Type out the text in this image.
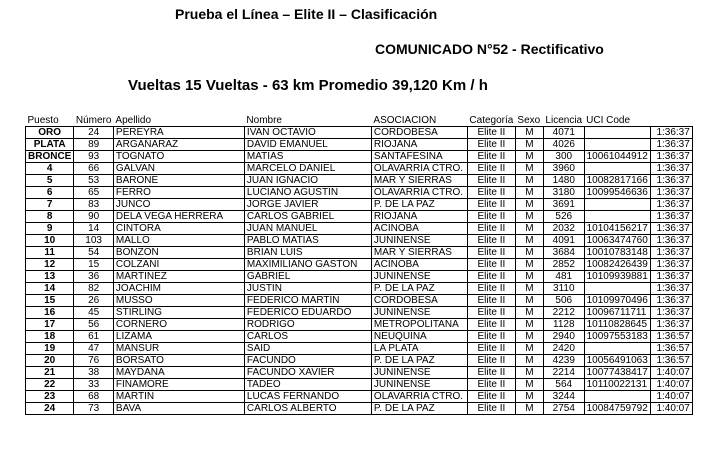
Prueba el Línea – Elite II – Clasificación
COMUNICADO N°52 - Rectificativo
Vueltas 15 Vueltas - 63 km Promedio 39,120 Km / h
Puesto	Número	Apellido	Nombre	ASOCIACION	Categoría	Sexo	Licencia	UCI Code	
ORO	24	PEREYRA	IVAN OCTAVIO	CORDOBESA	Elite II	M	4071		1:36:37
PLATA	89	ARGAÑARAZ	DAVID EMANUEL	RIOJANA	Elite II	M	4026		1:36:37
BRONCE	93	TOGNATO	MATIAS	SANTAFESINA	Elite II	M	300	10061044912	1:36:37
4	66	GALVAN	MARCELO DANIEL	OLAVARRIA CTRO.	Elite II	M	3960		1:36:37
5	53	BARONE	JUAN IGNACIO	MAR Y SIERRAS	Elite II	M	1480	10082817166	1:36:37
6	65	FERRO	LUCIANO AGUSTÍN	OLAVARRIA CTRO.	Elite II	M	3180	10099546636	1:36:37
7	83	JUNCO	JORGE JAVIER	P. DE LA PAZ	Elite II	M	3691		1:36:37
8	90	DELA VEGA HERRERA	CARLOS GABRIEL	RIOJANA	Elite II	M	526		1:36:37
9	14	CINTORA	JUAN MANUEL	ACINOBA	Elite II	M	2032	10104156217	1:36:37
10	103	MALLO	PABLO MATIAS	JUNINENSE	Elite II	M	4091	10063474760	1:36:37
11	54	BONZON	BRIAN LUIS	MAR Y SIERRAS	Elite II	M	3684	10010783148	1:36:37
12	15	COLZANI	MAXIMILIANO GASTON	ACINOBA	Elite II	M	2852	10082426439	1:36:37
13	36	MARTINEZ	GABRIEL	JUNINENSE	Elite II	M	481	10109939881	1:36:37
14	82	JOACHIM	JUSTIN	P. DE LA PAZ	Elite II	M	3110		1:36:37
15	26	MUSSO	FEDERICO MARTÍN	CORDOBESA	Elite II	M	506	10109970496	1:36:37
16	45	STIRLING	FEDERICO EDUARDO	JUNINENSE	Elite II	M	2212	10096711711	1:36:37
17	56	CORNERO	RODRIGO	METROPOLITANA	Elite II	M	1128	10110828645	1:36:37
18	61	LIZAMA	CARLOS	NEUQUINA	Elite II	M	2940	10097553183	1:36:57
19	47	MANSUR	SAID	LA PLATA	Elite II	M	2420		1:36:57
20	76	BORSATO	FACUNDO	P. DE LA PAZ	Elite II	M	4239	10056491063	1:36:57
21	38	MAYDANA	FACUNDO XAVIER	JUNINENSE	Elite II	M	2214	10077438417	1:40:07
22	33	FINAMORE	TADEO	JUNINENSE	Elite II	M	564	10110022131	1:40:07
23	68	MARTIN	LUCAS FERNANDO	OLAVARRIA CTRO.	Elite II	M	3244		1:40:07
24	73	BAVA	CARLOS ALBERTO	P. DE LA PAZ	Elite II	M	2754	10084759792	1:40:07
